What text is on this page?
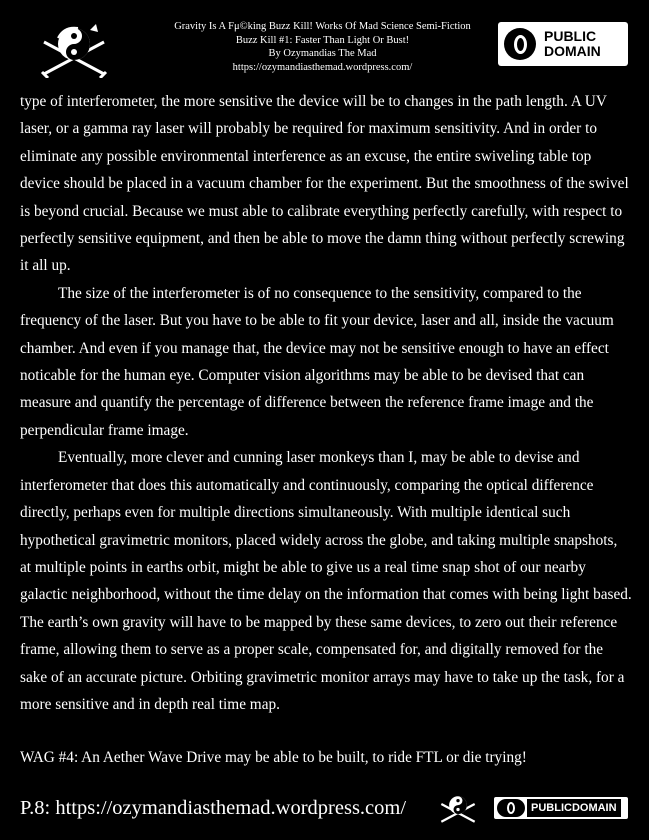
Gravity Is A Fμ©king Buzz Kill! Works Of Mad Science Semi-Fiction
Buzz Kill #1: Faster Than Light Or Bust!
By Ozymandias The Mad
https://ozymandiasthemad.wordpress.com/
PUBLIC
DOMAIN

type of interferometer, the more sensitive the device will be to changes in the path length. A UV laser, or a gamma ray laser will probably be required for maximum sensitivity. And in order to eliminate any possible environmental interference as an excuse, the entire swiveling table top device should be placed in a vacuum chamber for the experiment. But the smoothness of the swivel is beyond crucial. Because we must able to calibrate everything perfectly carefully, with respect to perfectly sensitive equipment, and then be able to move the damn thing without perfectly screwing it all up.

The size of the interferometer is of no consequence to the sensitivity, compared to the frequency of the laser. But you have to be able to fit your device, laser and all, inside the vacuum chamber. And even if you manage that, the device may not be sensitive enough to have an effect noticable for the human eye. Computer vision algorithms may be able to be devised that can measure and quantify the percentage of difference between the reference frame image and the perpendicular frame image.

Eventually, more clever and cunning laser monkeys than I, may be able to devise and interferometer that does this automatically and continuously, comparing the optical difference directly, perhaps even for multiple directions simultaneously. With multiple identical such hypothetical gravimetric monitors, placed widely across the globe, and taking multiple snapshots, at multiple points in earths orbit, might be able to give us a real time snap shot of our nearby galactic neighborhood, without the time delay on the information that comes with being light based. The earth’s own gravity will have to be mapped by these same devices, to zero out their reference frame, allowing them to serve as a proper scale, compensated for, and digitally removed for the sake of an accurate picture. Orbiting gravimetric monitor arrays may have to take up the task, for a more sensitive and in depth real time map.

WAG #4: An Aether Wave Drive may be able to be built, to ride FTL or die trying!
P.8: https://ozymandiasthemad.wordpress.com/	PUBLICDOMAIN
